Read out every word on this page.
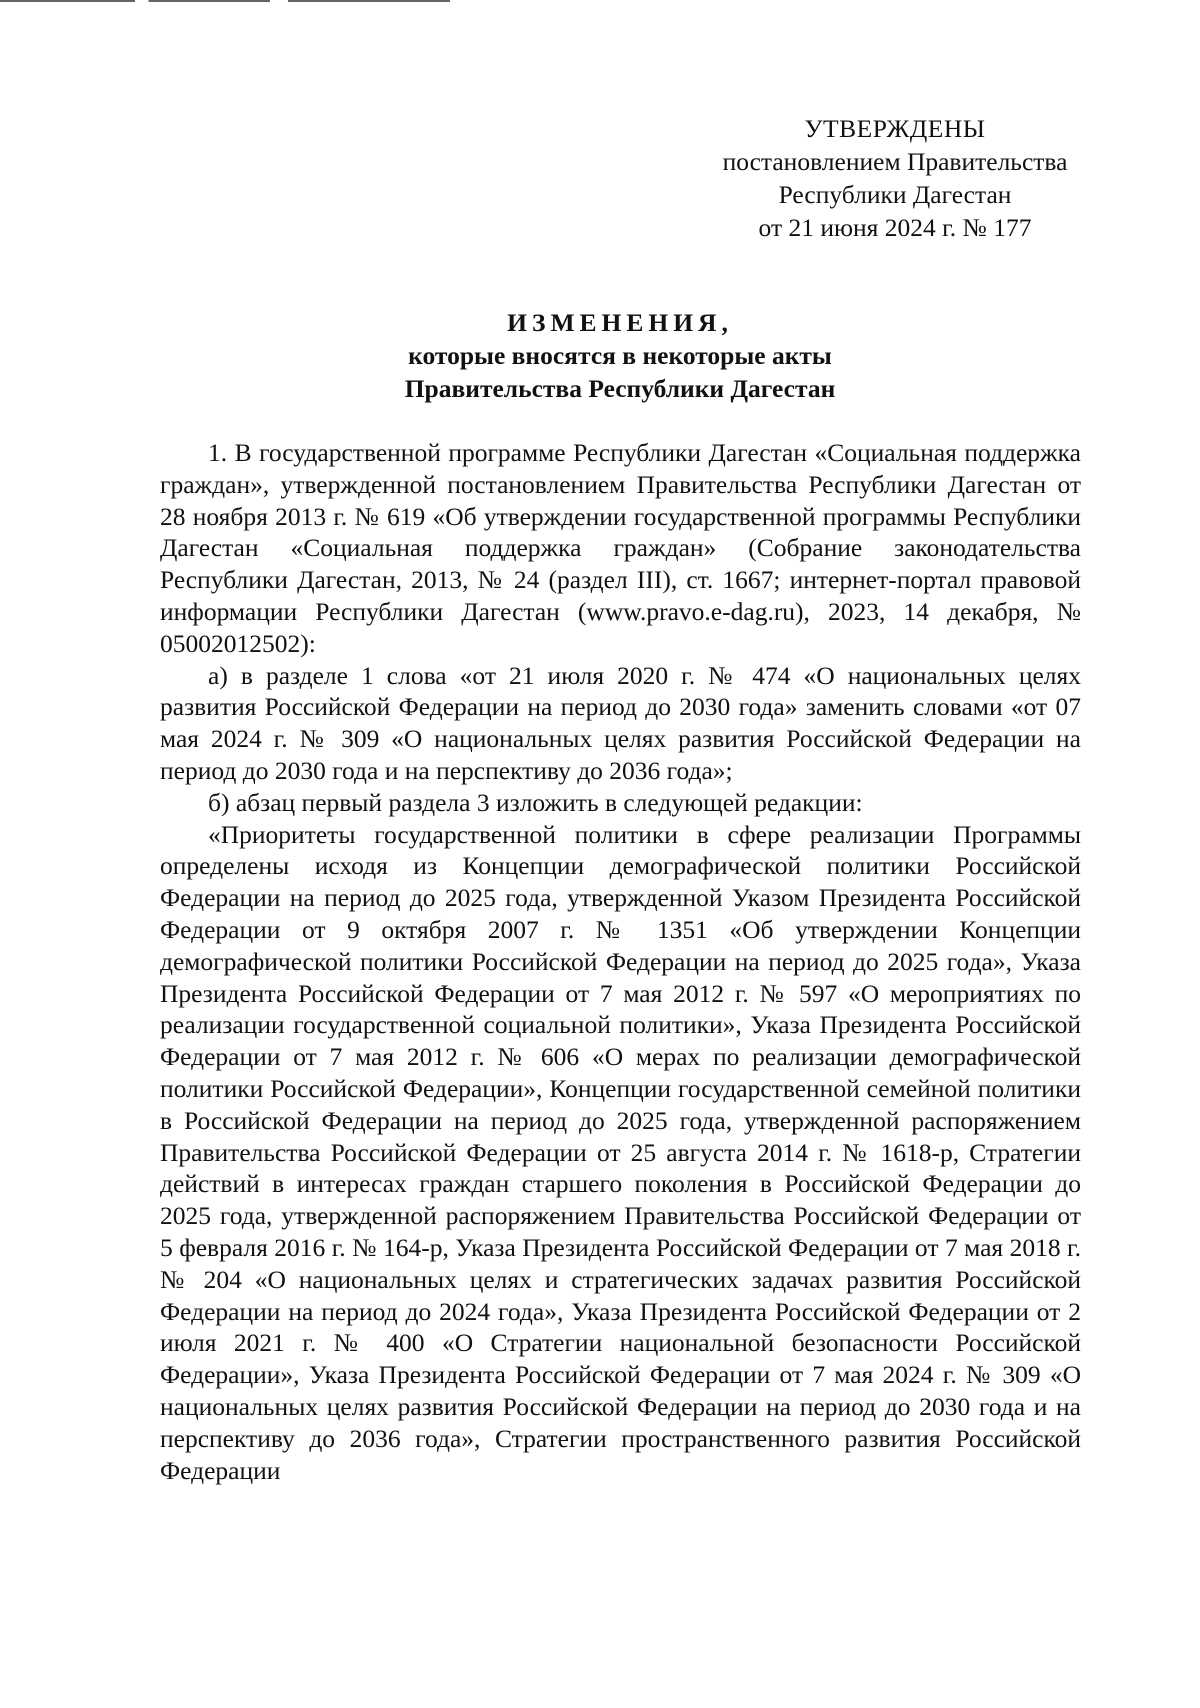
УТВЕРЖДЕНЫ
постановлением Правительства
Республики Дагестан
от 21 июня 2024 г. № 177
ИЗМЕНЕНИЯ,
которые вносятся в некоторые акты
Правительства Республики Дагестан

1. В государственной программе Республики Дагестан «Социальная поддержка граждан», утвержденной постановлением Правительства Республики Дагестан от 28 ноября 2013 г. № 619 «Об утверждении государственной программы Республики Дагестан «Социальная поддержка граждан» (Собрание законодательства Республики Дагестан, 2013, № 24 (раздел III), ст. 1667; интернет-портал правовой информации Республики Дагестан (www.pravo.e-dag.ru), 2023, 14 декабря, № 05002012502):

а) в разделе 1 слова «от 21 июля 2020 г. № 474 «О национальных целях развития Российской Федерации на период до 2030 года» заменить словами «от 07 мая 2024 г. № 309 «О национальных целях развития Российской Федерации на период до 2030 года и на перспективу до 2036 года»;

б) абзац первый раздела 3 изложить в следующей редакции:

«Приоритеты государственной политики в сфере реализации Программы определены исходя из Концепции демографической политики Российской Федерации на период до 2025 года, утвержденной Указом Президента Российской Федерации от 9 октября 2007 г. № 1351 «Об утверждении Концепции демографической политики Российской Федерации на период до 2025 года», Указа Президента Российской Федерации от 7 мая 2012 г. № 597 «О мероприятиях по реализации государственной социальной политики», Указа Президента Российской Федерации от 7 мая 2012 г. № 606 «О мерах по реализации демографической политики Российской Федерации», Концепции государственной семейной политики в Российской Федерации на период до 2025 года, утвержденной распоряжением Правительства Российской Федерации от 25 августа 2014 г. № 1618-р, Стратегии действий в интересах граждан старшего поколения в Российской Федерации до 2025 года, утвержденной распоряжением Правительства Российской Федерации от 5 февраля 2016 г. № 164-р, Указа Президента Российской Федерации от 7 мая 2018 г. № 204 «О национальных целях и стратегических задачах развития Российской Федерации на период до 2024 года», Указа Президента Российской Федерации от 2 июля 2021 г. № 400 «О Стратегии национальной безопасности Российской Федерации», Указа Президента Российской Федерации от 7 мая 2024 г. № 309 «О национальных целях развития Российской Федерации на период до 2030 года и на перспективу до 2036 года», Стратегии пространственного развития Российской Федерации
